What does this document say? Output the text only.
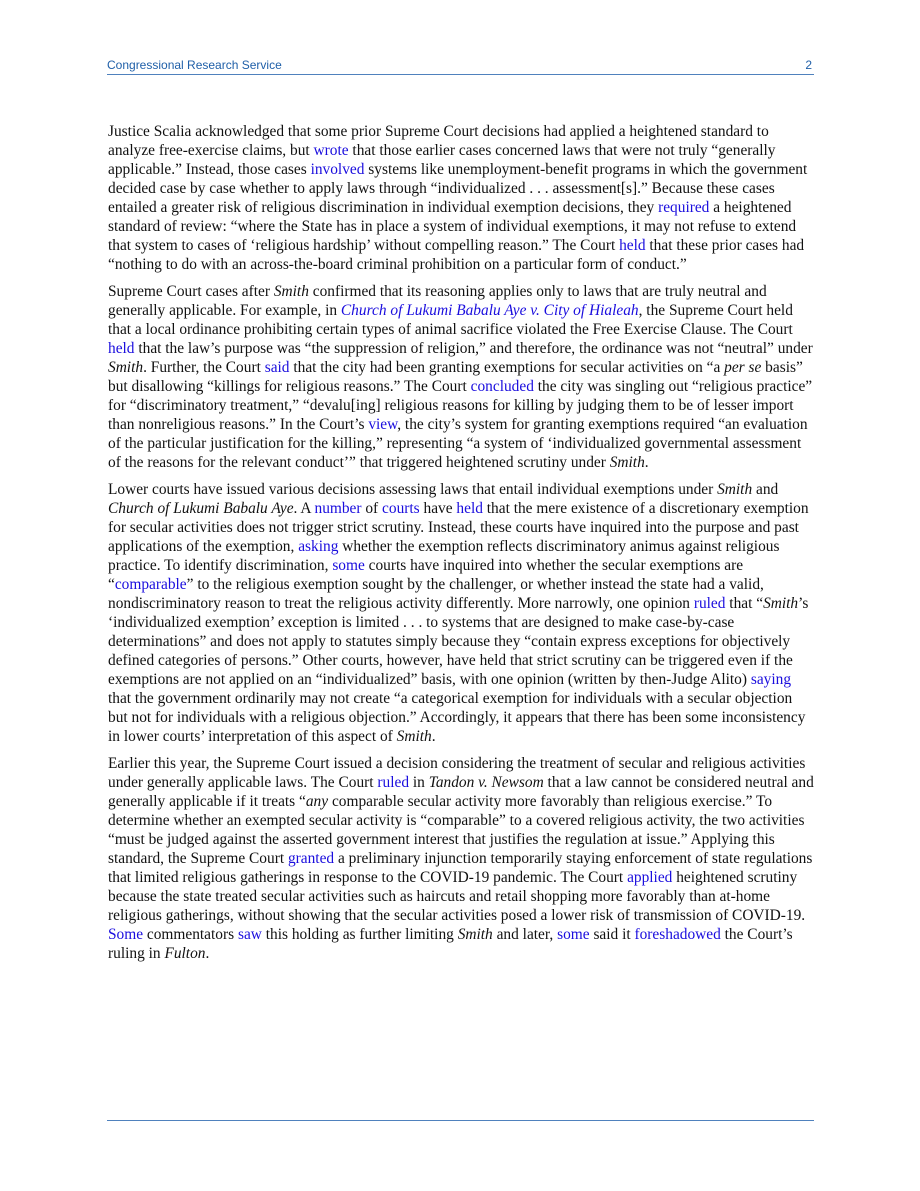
Congressional Research Service	2

Justice Scalia acknowledged that some prior Supreme Court decisions had applied a heightened standard to analyze free-exercise claims, but wrote that those earlier cases concerned laws that were not truly “generally applicable.” Instead, those cases involved systems like unemployment-benefit programs in which the government decided case by case whether to apply laws through “individualized . . . assessment[s].” Because these cases entailed a greater risk of religious discrimination in individual exemption decisions, they required a heightened standard of review: “where the State has in place a system of individual exemptions, it may not refuse to extend that system to cases of ‘religious hardship’ without compelling reason.” The Court held that these prior cases had “nothing to do with an across-the-board criminal prohibition on a particular form of conduct.”

Supreme Court cases after Smith confirmed that its reasoning applies only to laws that are truly neutral and generally applicable. For example, in Church of Lukumi Babalu Aye v. City of Hialeah, the Supreme Court held that a local ordinance prohibiting certain types of animal sacrifice violated the Free Exercise Clause. The Court held that the law’s purpose was “the suppression of religion,” and therefore, the ordinance was not “neutral” under Smith. Further, the Court said that the city had been granting exemptions for secular activities on “a per se basis” but disallowing “killings for religious reasons.” The Court concluded the city was singling out “religious practice” for “discriminatory treatment,” “devalu[ing] religious reasons for killing by judging them to be of lesser import than nonreligious reasons.” In the Court’s view, the city’s system for granting exemptions required “an evaluation of the particular justification for the killing,” representing “a system of ‘individualized governmental assessment of the reasons for the relevant conduct’” that triggered heightened scrutiny under Smith.

Lower courts have issued various decisions assessing laws that entail individual exemptions under Smith and Church of Lukumi Babalu Aye. A number of courts have held that the mere existence of a discretionary exemption for secular activities does not trigger strict scrutiny. Instead, these courts have inquired into the purpose and past applications of the exemption, asking whether the exemption reflects discriminatory animus against religious practice. To identify discrimination, some courts have inquired into whether the secular exemptions are “comparable” to the religious exemption sought by the challenger, or whether instead the state had a valid, nondiscriminatory reason to treat the religious activity differently. More narrowly, one opinion ruled that “Smith’s ‘individualized exemption’ exception is limited . . . to systems that are designed to make case-by-case determinations” and does not apply to statutes simply because they “contain express exceptions for objectively defined categories of persons.” Other courts, however, have held that strict scrutiny can be triggered even if the exemptions are not applied on an “individualized” basis, with one opinion (written by then-Judge Alito) saying that the government ordinarily may not create “a categorical exemption for individuals with a secular objection but not for individuals with a religious objection.” Accordingly, it appears that there has been some inconsistency in lower courts’ interpretation of this aspect of Smith.

Earlier this year, the Supreme Court issued a decision considering the treatment of secular and religious activities under generally applicable laws. The Court ruled in Tandon v. Newsom that a law cannot be considered neutral and generally applicable if it treats “any comparable secular activity more favorably than religious exercise.” To determine whether an exempted secular activity is “comparable” to a covered religious activity, the two activities “must be judged against the asserted government interest that justifies the regulation at issue.” Applying this standard, the Supreme Court granted a preliminary injunction temporarily staying enforcement of state regulations that limited religious gatherings in response to the COVID-19 pandemic. The Court applied heightened scrutiny because the state treated secular activities such as haircuts and retail shopping more favorably than at-home religious gatherings, without showing that the secular activities posed a lower risk of transmission of COVID-19. Some commentators saw this holding as further limiting Smith and later, some said it foreshadowed the Court’s ruling in Fulton.
